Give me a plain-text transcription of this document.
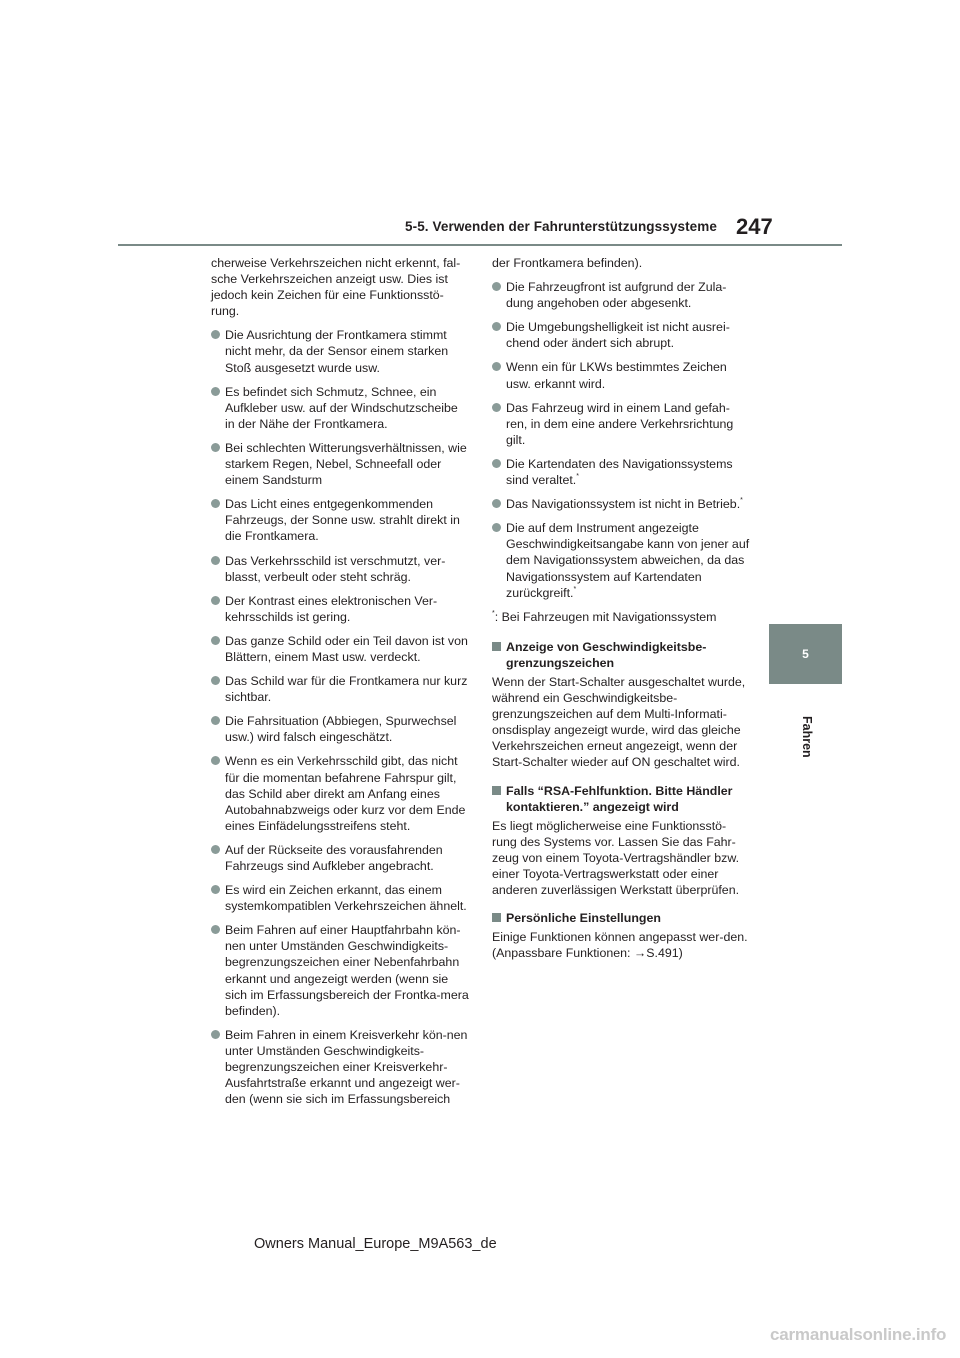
5-5. Verwenden der Fahrunterstützungssysteme 247
5
Fahren

cherweise Verkehrszeichen nicht erkennt, fal-sche Verkehrszeichen anzeigt usw. Dies ist jedoch kein Zeichen für eine Funktionsstö-rung.

Die Ausrichtung der Frontkamera stimmt nicht mehr, da der Sensor einem starken Stoß ausgesetzt wurde usw.
Es befindet sich Schmutz, Schnee, ein Aufkleber usw. auf der Windschutzscheibe in der Nähe der Frontkamera.
Bei schlechten Witterungsverhältnissen, wie starkem Regen, Nebel, Schneefall oder einem Sandsturm
Das Licht eines entgegenkommenden Fahrzeugs, der Sonne usw. strahlt direkt in die Frontkamera.
Das Verkehrsschild ist verschmutzt, ver-blasst, verbeult oder steht schräg.
Der Kontrast eines elektronischen Ver-kehrsschilds ist gering.
Das ganze Schild oder ein Teil davon ist von Blättern, einem Mast usw. verdeckt.
Das Schild war für die Frontkamera nur kurz sichtbar.
Die Fahrsituation (Abbiegen, Spurwechsel usw.) wird falsch eingeschätzt.
Wenn es ein Verkehrsschild gibt, das nicht für die momentan befahrene Fahrspur gilt, das Schild aber direkt am Anfang eines Autobahnabzweigs oder kurz vor dem Ende eines Einfädelungsstreifens steht.
Auf der Rückseite des vorausfahrenden Fahrzeugs sind Aufkleber angebracht.
Es wird ein Zeichen erkannt, das einem systemkompatiblen Verkehrszeichen ähnelt.
Beim Fahren auf einer Hauptfahrbahn kön-nen unter Umständen Geschwindigkeits-begrenzungszeichen einer Nebenfahrbahn erkannt und angezeigt werden (wenn sie sich im Erfassungsbereich der Frontka-mera befinden).
Beim Fahren in einem Kreisverkehr kön-nen unter Umständen Geschwindigkeits-begrenzungszeichen einer Kreisverkehr-Ausfahrtstraße erkannt und angezeigt wer-den (wenn sie sich im Erfassungsbereich

der Frontkamera befinden).

Die Fahrzeugfront ist aufgrund der Zula-dung angehoben oder abgesenkt.
Die Umgebungshelligkeit ist nicht ausrei-chend oder ändert sich abrupt.
Wenn ein für LKWs bestimmtes Zeichen usw. erkannt wird.
Das Fahrzeug wird in einem Land gefah-ren, in dem eine andere Verkehrsrichtung gilt.
Die Kartendaten des Navigationssystems sind veraltet.*
Das Navigationssystem ist nicht in Betrieb.*
Die auf dem Instrument angezeigte Geschwindigkeitsangabe kann von jener auf dem Navigationssystem abweichen, da das Navigationssystem auf Kartendaten zurückgreift.*

*: Bei Fahrzeugen mit Navigationssystem

Anzeige von Geschwindigkeitsbe-grenzungszeichen

Wenn der Start-Schalter ausgeschaltet wurde, während ein Geschwindigkeitsbe-grenzungszeichen auf dem Multi-Informati-onsdisplay angezeigt wurde, wird das gleiche Verkehrszeichen erneut angezeigt, wenn der Start-Schalter wieder auf ON geschaltet wird.

Falls “RSA-Fehlfunktion. Bitte Händler kontaktieren.” angezeigt wird

Es liegt möglicherweise eine Funktionsstö-rung des Systems vor. Lassen Sie das Fahr-zeug von einem Toyota-Vertragshändler bzw. einer Toyota-Vertragswerkstatt oder einer anderen zuverlässigen Werkstatt überprüfen.

Persönliche Einstellungen

Einige Funktionen können angepasst wer-den. (Anpassbare Funktionen: →S.491)

Owners Manual_Europe_M9A563_de
carmanualsonline.info
